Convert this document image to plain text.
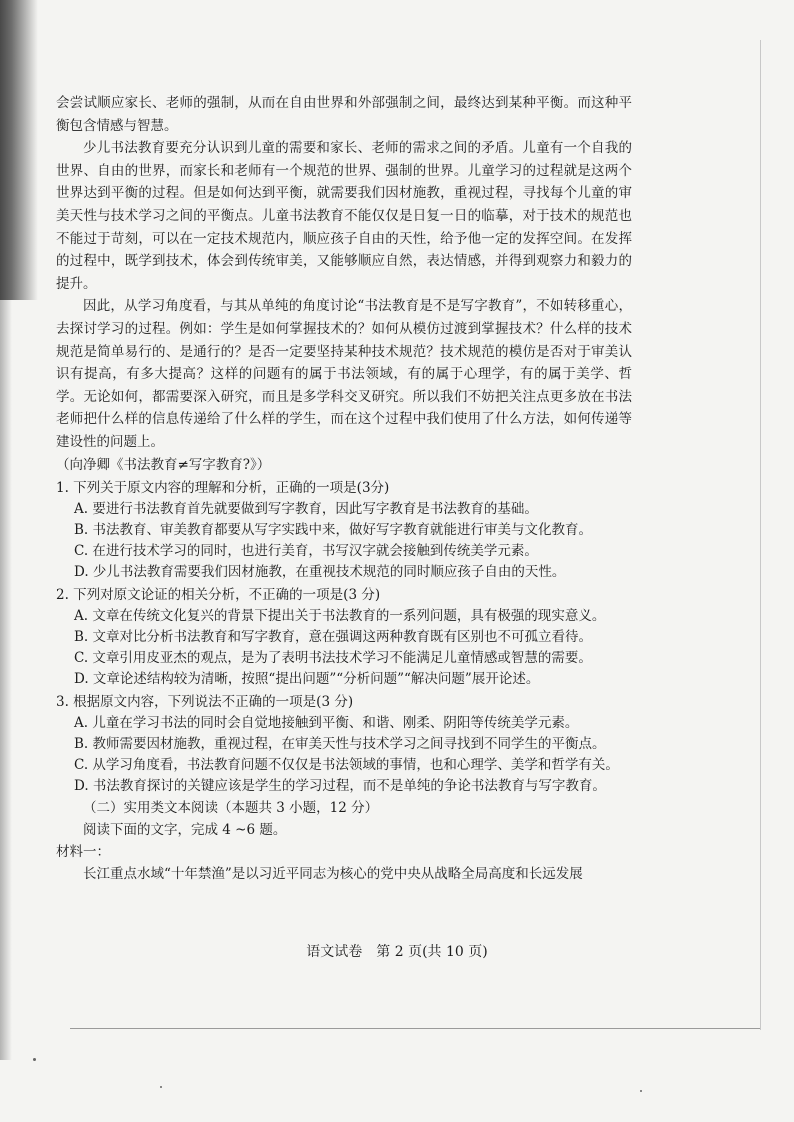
会尝试顺应家长、老师的强制，从而在自由世界和外部强制之间，最终达到某种平衡。而这种平衡包含情感与智慧。

少儿书法教育要充分认识到儿童的需要和家长、老师的需求之间的矛盾。儿童有一个自我的世界、自由的世界，而家长和老师有一个规范的世界、强制的世界。儿童学习的过程就是这两个世界达到平衡的过程。但是如何达到平衡，就需要我们因材施教，重视过程，寻找每个儿童的审美天性与技术学习之间的平衡点。儿童书法教育不能仅仅是日复一日的临摹，对于技术的规范也不能过于苛刻，可以在一定技术规范内，顺应孩子自由的天性，给予他一定的发挥空间。在发挥的过程中，既学到技术，体会到传统审美，又能够顺应自然，表达情感，并得到观察力和毅力的提升。

因此，从学习角度看，与其从单纯的角度讨论“书法教育是不是写字教育”，不如转移重心，去探讨学习的过程。例如：学生是如何掌握技术的？如何从模仿过渡到掌握技术？什么样的技术规范是简单易行的、是通行的？是否一定要坚持某种技术规范？技术规范的模仿是否对于审美认识有提高，有多大提高？这样的问题有的属于书法领域，有的属于心理学，有的属于美学、哲学。无论如何，都需要深入研究，而且是多学科交叉研究。所以我们不妨把关注点更多放在书法老师把什么样的信息传递给了什么样的学生，而在这个过程中我们使用了什么方法，如何传递等建设性的问题上。

（向净卿《书法教育≠写字教育?》）

1. 下列关于原文内容的理解和分析，正确的一项是(3分)
A. 要进行书法教育首先就要做到写字教育，因此写字教育是书法教育的基础。
B. 书法教育、审美教育都要从写字实践中来，做好写字教育就能进行审美与文化教育。
C. 在进行技术学习的同时，也进行美育，书写汉字就会接触到传统美学元素。
D. 少儿书法教育需要我们因材施教，在重视技术规范的同时顺应孩子自由的天性。
2. 下列对原文论证的相关分析，不正确的一项是(3 分)
A. 文章在传统文化复兴的背景下提出关于书法教育的一系列问题，具有极强的现实意义。
B. 文章对比分析书法教育和写字教育，意在强调这两种教育既有区别也不可孤立看待。
C. 文章引用皮亚杰的观点，是为了表明书法技术学习不能满足儿童情感或智慧的需要。
D. 文章论述结构较为清晰，按照“提出问题”“分析问题”“解决问题”展开论述。
3. 根据原文内容，下列说法不正确的一项是(3 分)
A. 儿童在学习书法的同时会自觉地接触到平衡、和谐、刚柔、阴阳等传统美学元素。
B. 教师需要因材施教，重视过程，在审美天性与技术学习之间寻找到不同学生的平衡点。
C. 从学习角度看，书法教育问题不仅仅是书法领域的事情，也和心理学、美学和哲学有关。
D. 书法教育探讨的关键应该是学生的学习过程，而不是单纯的争论书法教育与写字教育。
（二）实用类文本阅读（本题共 3 小题，12 分）
阅读下面的文字，完成 4 ~6 题。
材料一：
长江重点水域“十年禁渔”是以习近平同志为核心的党中央从战略全局高度和长远发展
语文试卷　第 2 页(共 10 页)
